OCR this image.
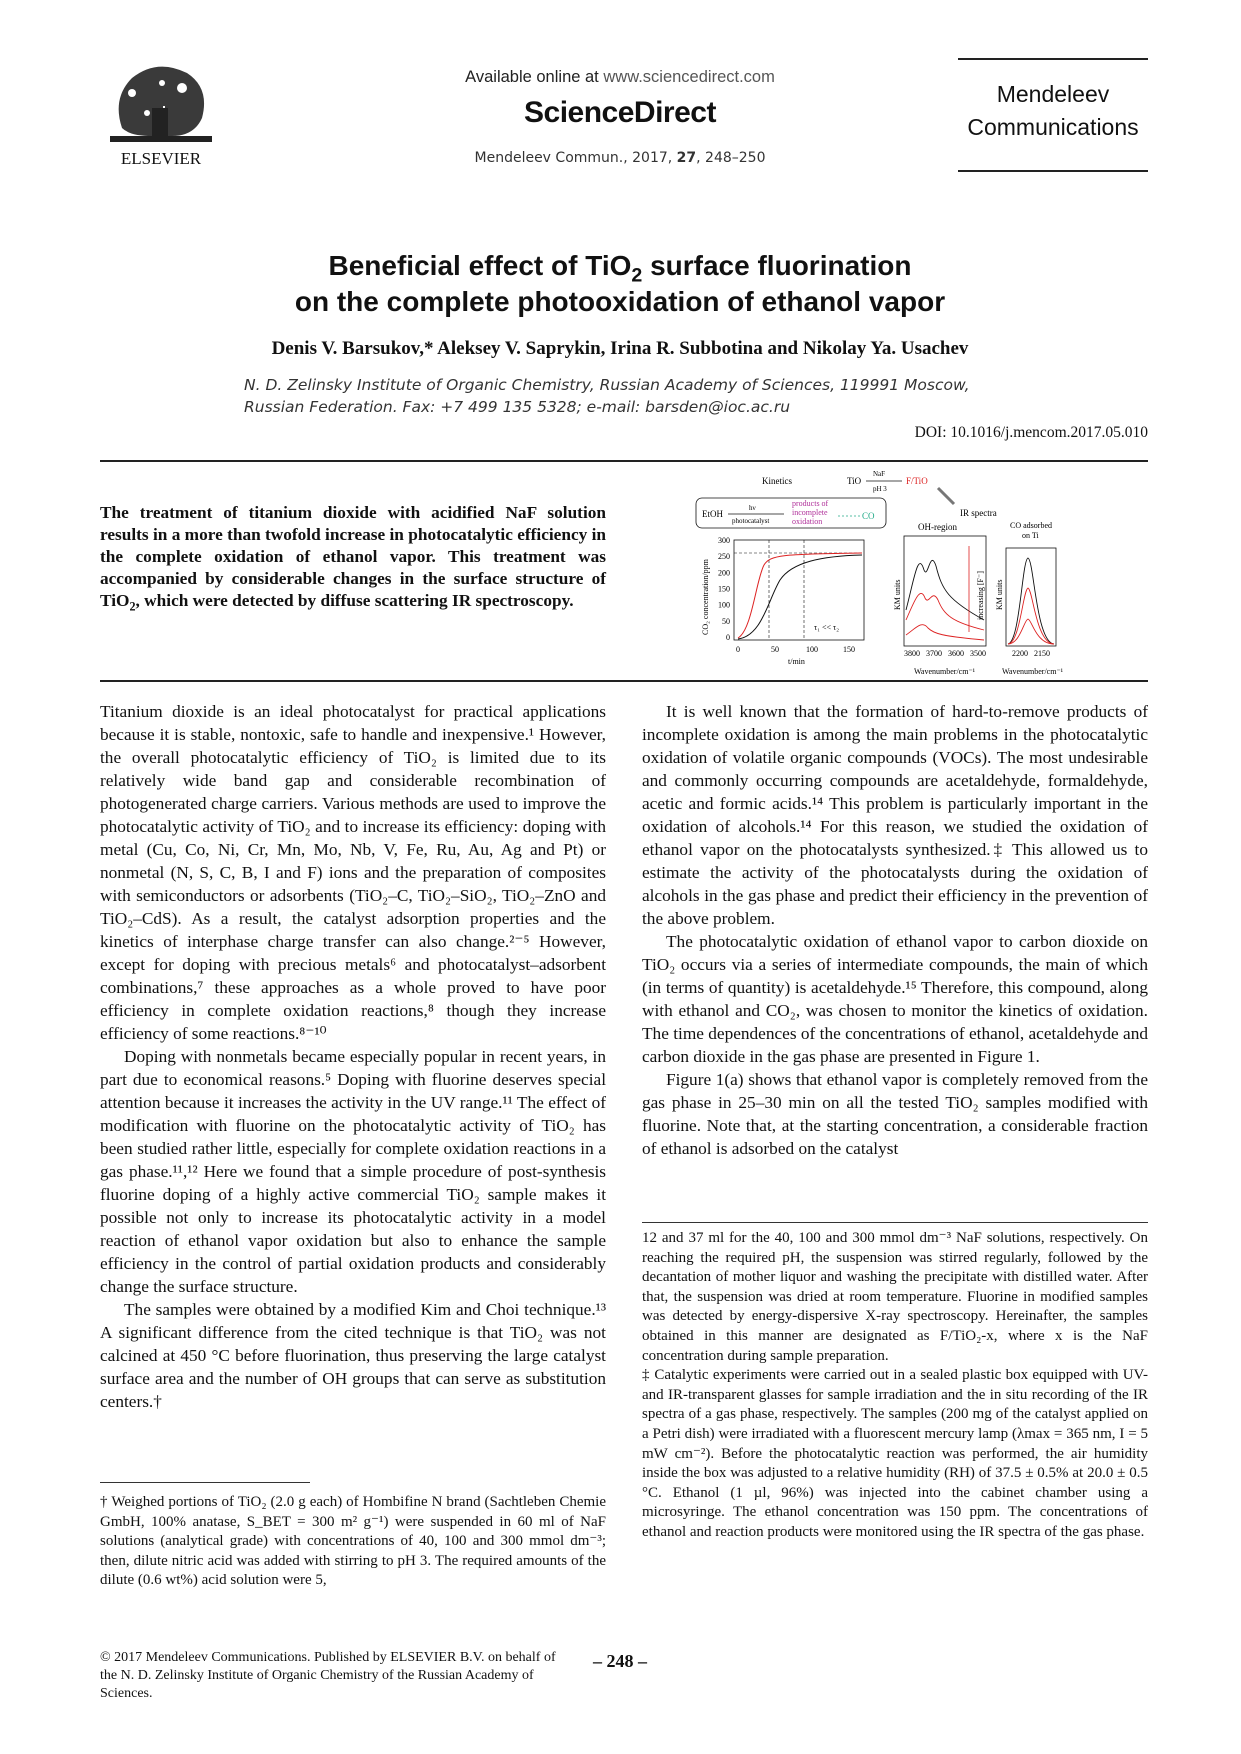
ELSEVIER
Available online at www.sciencedirect.com
ScienceDirect
Mendeleev Commun., 2017, 27, 248–250
Mendeleev
Communications
Beneficial effect of TiO$_2$ surface fluorination
on the complete photooxidation of ethanol vapor
Denis V. Barsukov,* Aleksey V. Saprykin, Irina R. Subbotina and Nikolay Ya. Usachev
N. D. Zelinsky Institute of Organic Chemistry, Russian Academy of Sciences, 119991 Moscow,
Russian Federation. Fax: +7 499 135 5328; e-mail: barsden@ioc.ac.ru
DOI: 10.1016/j.mencom.2017.05.010
The treatment of titanium dioxide with acidified NaF solution results in a more than twofold increase in photocatalytic efficiency in the complete oxidation of ethanol vapor. This treatment was accompanied by considerable changes in the surface structure of TiO$_2$, which were detected by diffuse scattering IR spectroscopy.
Kinetics	TiO
NaF
pH 3
F/TiO
EtOH
hν
photocatalyst
products of
incomplete
oxidation
CO	IR spectra
OH-region	CO adsorbed
on Ti
CO₂ concentration/ppm
300
250
200
150
100
50
0
τ₁ << τ₂
0	50	100	150
t/min
KM units	increasing [F⁻]
3800 3700 3600 3500
Wavenumber/cm⁻¹
KM units
2200 2150
Wavenumber/cm⁻¹

Titanium dioxide is an ideal photocatalyst for practical applications because it is stable, nontoxic, safe to handle and inexpensive.¹ However, the overall photocatalytic efficiency of TiO₂ is limited due to its relatively wide band gap and considerable recombination of photogenerated charge carriers. Various methods are used to improve the photocatalytic activity of TiO₂ and to increase its efficiency: doping with metal (Cu, Co, Ni, Cr, Mn, Mo, Nb, V, Fe, Ru, Au, Ag and Pt) or nonmetal (N, S, C, B, I and F) ions and the preparation of composites with semiconductors or adsorbents (TiO₂–C, TiO₂–SiO₂, TiO₂–ZnO and TiO₂–CdS). As a result, the catalyst adsorption properties and the kinetics of interphase charge transfer can also change.²⁻⁵ However, except for doping with precious metals⁶ and photocatalyst–adsorbent combinations,⁷ these approaches as a whole proved to have poor efficiency in complete oxidation reactions,⁸ though they increase efficiency of some reactions.⁸⁻¹⁰

Doping with nonmetals became especially popular in recent years, in part due to economical reasons.⁵ Doping with fluorine deserves special attention because it increases the activity in the UV range.¹¹ The effect of modification with fluorine on the photocatalytic activity of TiO₂ has been studied rather little, especially for complete oxidation reactions in a gas phase.¹¹,¹² Here we found that a simple procedure of post-synthesis fluorine doping of a highly active commercial TiO₂ sample makes it possible not only to increase its photocatalytic activity in a model reaction of ethanol vapor oxidation but also to enhance the sample efficiency in the control of partial oxidation products and considerably change the surface structure.

The samples were obtained by a modified Kim and Choi technique.¹³ A significant difference from the cited technique is that TiO₂ was not calcined at 450 °C before fluorination, thus preserving the large catalyst surface area and the number of OH groups that can serve as substitution centers.†

It is well known that the formation of hard-to-remove products of incomplete oxidation is among the main problems in the photocatalytic oxidation of volatile organic compounds (VOCs). The most undesirable and commonly occurring compounds are acetaldehyde, formaldehyde, acetic and formic acids.¹⁴ This problem is particularly important in the oxidation of alcohols.¹⁴ For this reason, we studied the oxidation of ethanol vapor on the photocatalysts synthesized.‡ This allowed us to estimate the activity of the photocatalysts during the oxidation of alcohols in the gas phase and predict their efficiency in the prevention of the above problem.

The photocatalytic oxidation of ethanol vapor to carbon dioxide on TiO₂ occurs via a series of intermediate compounds, the main of which (in terms of quantity) is acetaldehyde.¹⁵ Therefore, this compound, along with ethanol and CO₂, was chosen to monitor the kinetics of oxidation. The time dependences of the concentrations of ethanol, acetaldehyde and carbon dioxide in the gas phase are presented in Figure 1.

Figure 1(a) shows that ethanol vapor is completely removed from the gas phase in 25–30 min on all the tested TiO₂ samples modified with fluorine. Note that, at the starting concentration, a considerable fraction of ethanol is adsorbed on the catalyst

† Weighed portions of TiO₂ (2.0 g each) of Hombifine N brand (Sachtleben Chemie GmbH, 100% anatase, S_BET = 300 m² g⁻¹) were suspended in 60 ml of NaF solutions (analytical grade) with concentrations of 40, 100 and 300 mmol dm⁻³; then, dilute nitric acid was added with stirring to pH 3. The required amounts of the dilute (0.6 wt%) acid solution were 5,

12 and 37 ml for the 40, 100 and 300 mmol dm⁻³ NaF solutions, respectively. On reaching the required pH, the suspension was stirred regularly, followed by the decantation of mother liquor and washing the precipitate with distilled water. After that, the suspension was dried at room temperature. Fluorine in modified samples was detected by energy-dispersive X-ray spectroscopy. Hereinafter, the samples obtained in this manner are designated as F/TiO₂-x, where x is the NaF concentration during sample preparation.

‡ Catalytic experiments were carried out in a sealed plastic box equipped with UV- and IR-transparent glasses for sample irradiation and the in situ recording of the IR spectra of a gas phase, respectively. The samples (200 mg of the catalyst applied on a Petri dish) were irradiated with a fluorescent mercury lamp (λmax = 365 nm, I = 5 mW cm⁻²). Before the photocatalytic reaction was performed, the air humidity inside the box was adjusted to a relative humidity (RH) of 37.5 ± 0.5% at 20.0 ± 0.5 °C. Ethanol (1 µl, 96%) was injected into the cabinet chamber using a microsyringe. The ethanol concentration was 150 ppm. The concentrations of ethanol and reaction products were monitored using the IR spectra of the gas phase.

© 2017 Mendeleev Communications. Published by ELSEVIER B.V. on behalf of the N. D. Zelinsky Institute of Organic Chemistry of the Russian Academy of Sciences.
– 248 –
